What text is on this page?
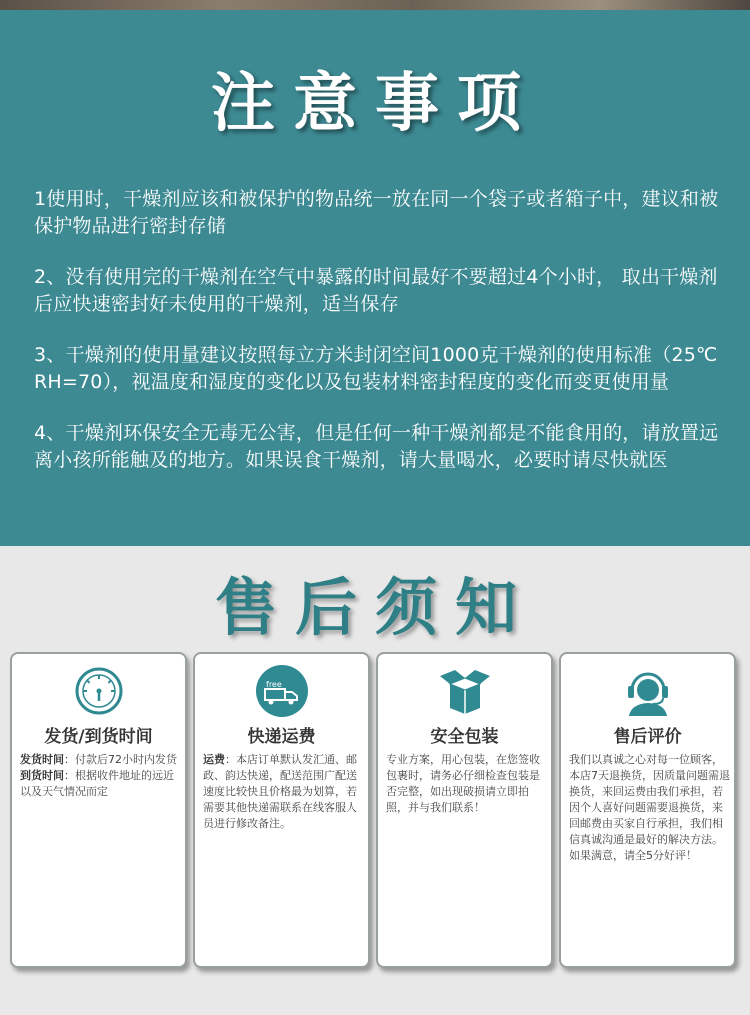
注意事项

1使用时，干燥剂应该和被保护的物品统一放在同一个袋子或者箱子中，建议和被保护物品进行密封存储

2、没有使用完的干燥剂在空气中暴露的时间最好不要超过4个小时， 取出干燥剂后应快速密封好未使用的干燥剂，适当保存

3、干燥剂的使用量建议按照每立方米封闭空间1000克干燥剂的使用标准（25℃ RH=70），视温度和湿度的变化以及包装材料密封程度的变化而变更使用量

4、干燥剂环保安全无毒无公害，但是任何一种干燥剂都是不能食用的，请放置远离小孩所能触及的地方。如果误食干燥剂，请大量喝水，必要时请尽快就医

售后须知
发货/到货时间
发货时间：付款后72小时内发货
到货时间：根据收件地址的远近以及天气情况而定
free
快递运费
运费：本店订单默认发汇通、邮政、韵达快递，配送范围广配送速度比较快且价格最为划算，若需要其他快递需联系在线客服人员进行修改备注。
安全包装
专业方案，用心包装，在您签收包裹时，请务必仔细检查包装是否完整，如出现破损请立即拍照，并与我们联系！
售后评价
我们以真诚之心对每一位顾客，本店7天退换货，因质量问题需退换货，来回运费由我们承担，若因个人喜好问题需要退换货，来回邮费由买家自行承担，我们相信真诚沟通是最好的解决方法。如果满意，请全5分好评！
